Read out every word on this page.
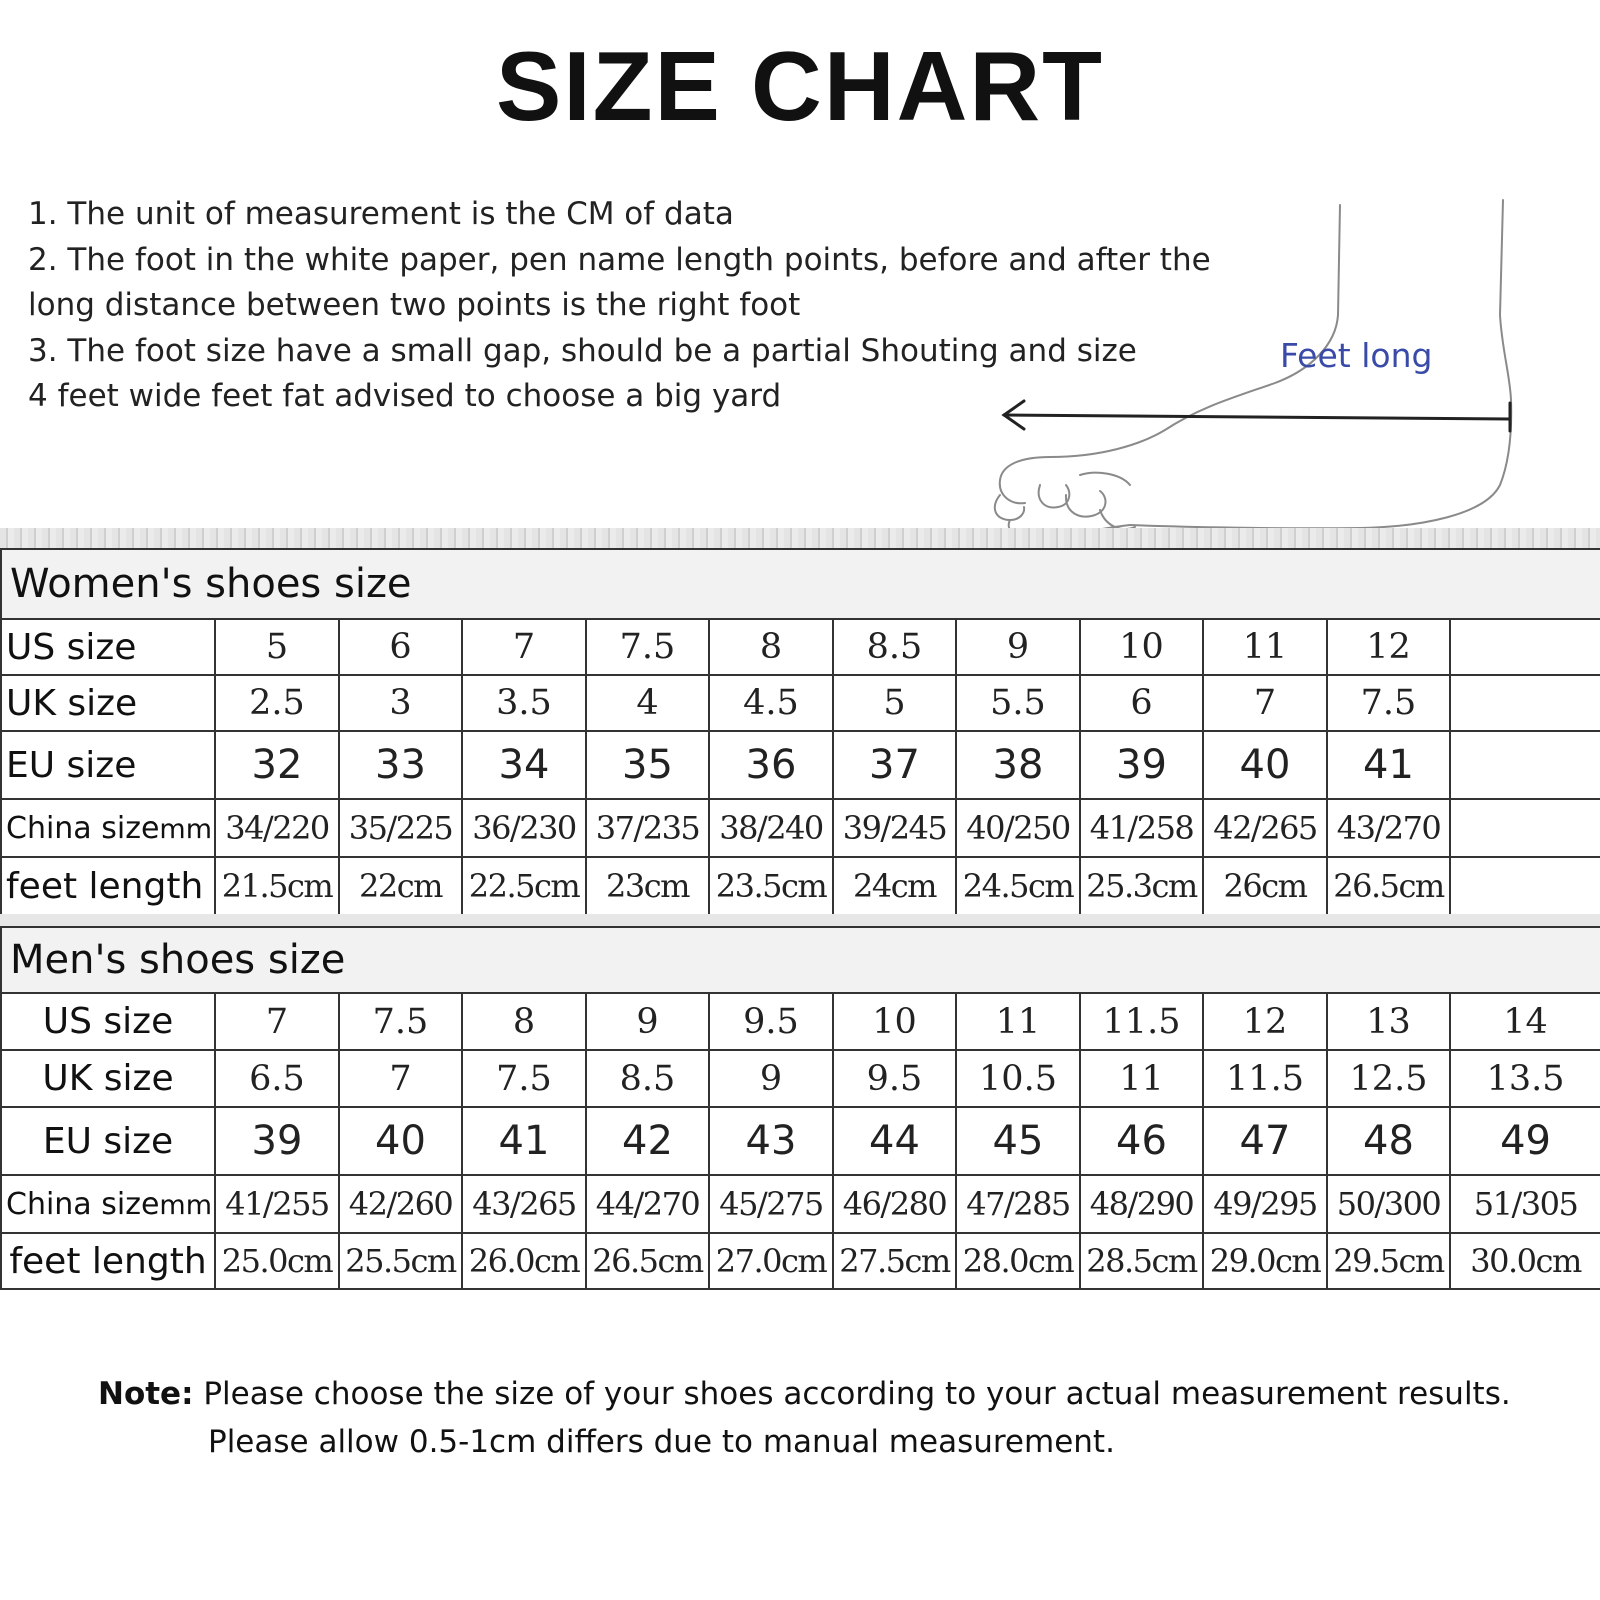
SIZE CHART
1. The unit of measurement is the CM of data
2. The foot in the white paper, pen name length points, before and after the
long distance between two points is the right foot
3. The foot size have a small gap, should be a partial Shouting and size
4 feet wide feet fat advised to choose a big yard
Feet long
Women's shoes size											
US size	5	6	7	7.5	8	8.5	9	10	11	12	
UK size	2.5	3	3.5	4	4.5	5	5.5	6	7	7.5	
EU size	32	33	34	35	36	37	38	39	40	41	
China sizemm	34/220	35/225	36/230	37/235	38/240	39/245	40/250	41/258	42/265	43/270	
feet length	21.5cm	22cm	22.5cm	23cm	23.5cm	24cm	24.5cm	25.3cm	26cm	26.5cm	
Men's shoes size											
US size	7	7.5	8	9	9.5	10	11	11.5	12	13	14
UK size	6.5	7	7.5	8.5	9	9.5	10.5	11	11.5	12.5	13.5
EU size	39	40	41	42	43	44	45	46	47	48	49
China sizemm	41/255	42/260	43/265	44/270	45/275	46/280	47/285	48/290	49/295	50/300	51/305
feet length	25.0cm	25.5cm	26.0cm	26.5cm	27.0cm	27.5cm	28.0cm	28.5cm	29.0cm	29.5cm	30.0cm
Note: Please choose the size of your shoes according to your actual measurement results.
Please allow 0.5-1cm differs due to manual measurement.
